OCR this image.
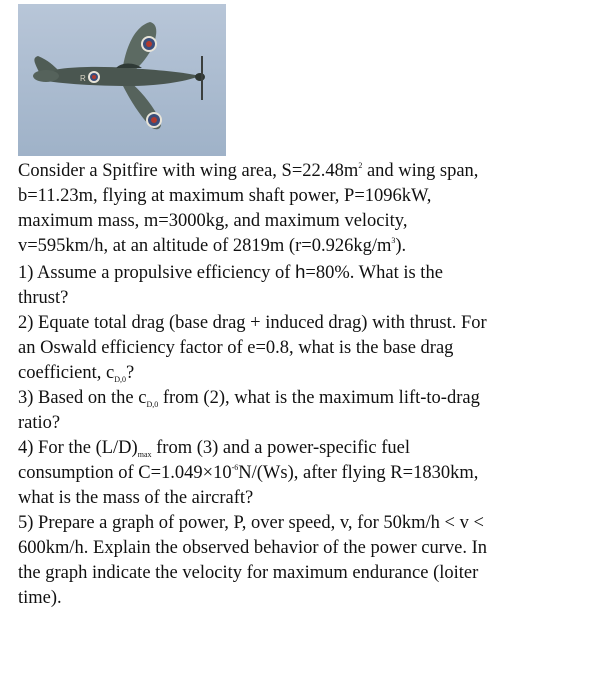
R
Consider a Spitfire with wing area, $S=22.48m^2$ and wing span,
b=11.23m, flying at maximum shaft power, P=1096kW,
maximum mass, m=3000kg, and maximum velocity,
v=595km/h, at an altitude of 2819m $(r=0.926kg/m^3)$.
1) Assume a propulsive efficiency of h=80%. What is the
thrust?
2) Equate total drag (base drag + induced drag) with thrust. For
an Oswald efficiency factor of e=0.8, what is the base drag
coefficient, $c_{D,0}$?
3) Based on the $c_{D,0}$ from (2), what is the maximum lift-to-drag
ratio?
4) For the $(L/D)_{max}$ from (3) and a power-specific fuel
consumption of $C=1.049\times 10^{-6}N/(Ws)$, after flying R=1830km,
what is the mass of the aircraft?
5) Prepare a graph of power, P, over speed, v, for 50km/h < v <
600km/h. Explain the observed behavior of the power curve. In
the graph indicate the velocity for maximum endurance (loiter
time).
